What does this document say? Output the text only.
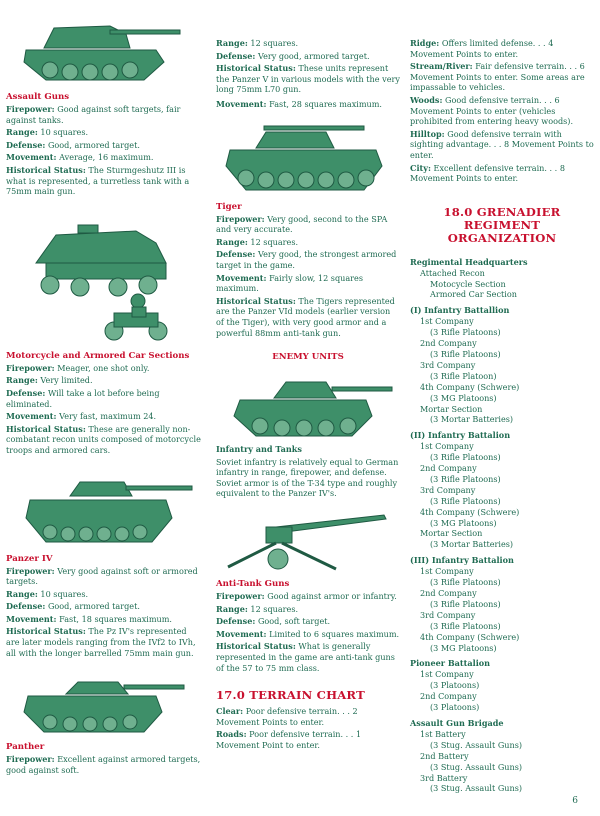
Assault Guns
Firepower: Good against soft targets, fair against tanks.
Range: 10 squares.
Defense: Good, armored target.
Movement: Average, 16 maximum.
Historical Status: The Sturmgeshutz III is what is represented, a turretless tank with a 75mm main gun.
Motorcycle and Armored Car Sections
Firepower: Meager, one shot only.
Range: Very limited.
Defense: Will take a lot before being eliminated.
Movement: Very fast, maximum 24.
Historical Status: These are generally non-combatant recon units composed of motorcycle troops and armored cars.
Panzer IV
Firepower: Very good against soft or armored targets.
Range: 10 squares.
Defense: Good, armored target.
Movement: Fast, 18 squares maximum.
Historical Status: The Pz IV's represented are later models ranging from the IVf2 to IVh, all with the longer barrelled 75mm main gun.
Panther
Firepower: Excellent against armored targets, good against soft.
Range: 12 squares.
Defense: Very good, armored target.
Historical Status: These units represent the Panzer V in various models with the very long 75mm L70 gun.
Movement: Fast, 28 squares maximum.
Tiger
Firepower: Very good, second to the SPA and very accurate.
Range: 12 squares.
Defense: Very good, the strongest armored target in the game.
Movement: Fairly slow, 12 squares maximum.
Historical Status: The Tigers represented are the Panzer VId models (earlier version of the Tiger), with very good armor and a powerful 88mm anti-tank gun.
ENEMY UNITS
Infantry and Tanks
Soviet infantry is relatively equal to German infantry in range, firepower, and defense. Soviet armor is of the T-34 type and roughly equivalent to the Panzer IV's.
Anti-Tank Guns
Firepower: Good against armor or infantry.
Range: 12 squares.
Defense: Good, soft target.
Movement: Limited to 6 squares maximum.
Historical Status: What is generally represented in the game are anti-tank guns of the 57 to 75 mm class.
17.0 TERRAIN CHART
Clear: Poor defensive terrain. . . 2 Movement Points to enter.
Roads: Poor defensive terrain. . . 1 Movement Point to enter.
Ridge: Offers limited defense. . . 4 Movement Points to enter.
Stream/River: Fair defensive terrain. . . 6 Movement Points to enter. Some areas are impassable to vehicles.
Woods: Good defensive terrain. . . 6 Movement Points to enter (vehicles prohibited from entering heavy woods).
Hilltop: Good defensive terrain with sighting advantage. . . 8 Movement Points to enter.
City: Excellent defensive terrain. . . 8 Movement Points to enter.
18.0 GRENADIER
REGIMENT
ORGANIZATION
Regimental Headquarters
Attached Recon
Motocycle Section
Armored Car Section
(I) Infantry Battallion
1st Company
(3 Rifle Platoons)
2nd Company
(3 Rifle Platoons)
3rd Company
(3 Rifle Platoon)
4th Company (Schwere)
(3 MG Platoons)
Mortar Section
(3 Mortar Batteries)
(II) Infantry Battalion
1st Company
(3 Rifle Platoons)
2nd Company
(3 Rifle Platoons)
3rd Company
(3 Rifle Platoons)
4th Company (Schwere)
(3 MG Platoons)
Mortar Section
(3 Mortar Batteries)
(III) Infantry Battalion
1st Company
(3 Rifle Platoons)
2nd Company
(3 Rifle Platoons)
3rd Company
(3 Rifle Platoons)
4th Company (Schwere)
(3 MG Platoons)
Pioneer Battalion
1st Company
(3 Platoons)
2nd Company
(3 Platoons)
Assault Gun Brigade
1st Battery
(3 Stug. Assault Guns)
2nd Battery
(3 Stug. Assault Guns)
3rd Battery
(3 Stug. Assault Guns)
6
